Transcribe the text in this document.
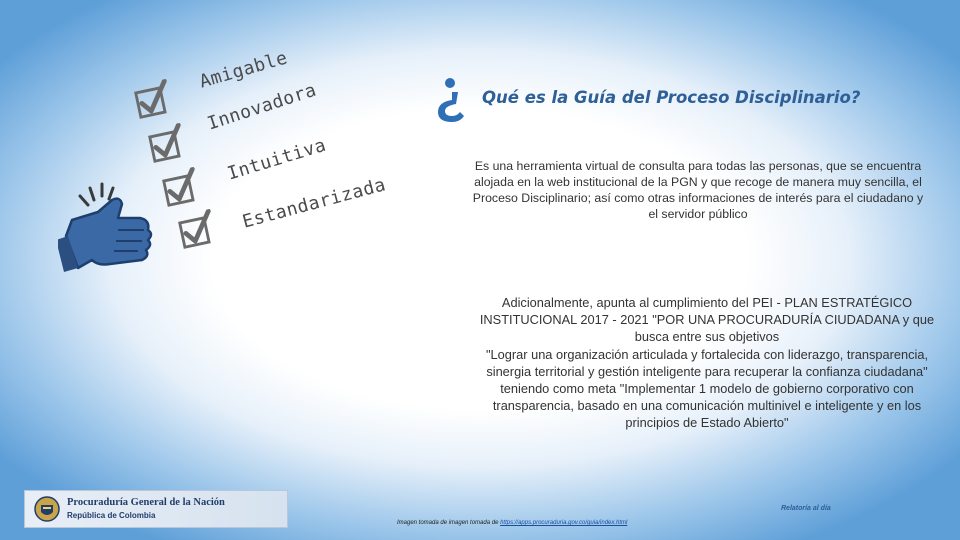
Amigable
Innovadora
Intuitiva
Estandarizada
Qué es la Guía del Proceso Disciplinario?
Es una herramienta virtual de consulta para todas las personas, que se encuentra alojada en la web institucional de la PGN y que recoge de manera muy sencilla, el Proceso Disciplinario; así como otras informaciones de interés para el ciudadano y el servidor público
Adicionalmente, apunta al cumplimiento del PEI - PLAN ESTRATÉGICO INSTITUCIONAL 2017 - 2021 "POR UNA PROCURADURÍA CIUDADANA y que busca entre sus objetivos
"Lograr una organización articulada y fortalecida con liderazgo, transparencia, sinergia territorial y gestión inteligente para recuperar la confianza ciudadana" teniendo como meta "Implementar 1 modelo de gobierno corporativo con transparencia, basado en una comunicación multinivel e inteligente y en los principios de Estado Abierto"
Procuraduría General de la Nación
República de Colombia
Relatoría al día
Imagen tomada de imagen tomada de https://apps.procuraduria.gov.co/guia/index.html
